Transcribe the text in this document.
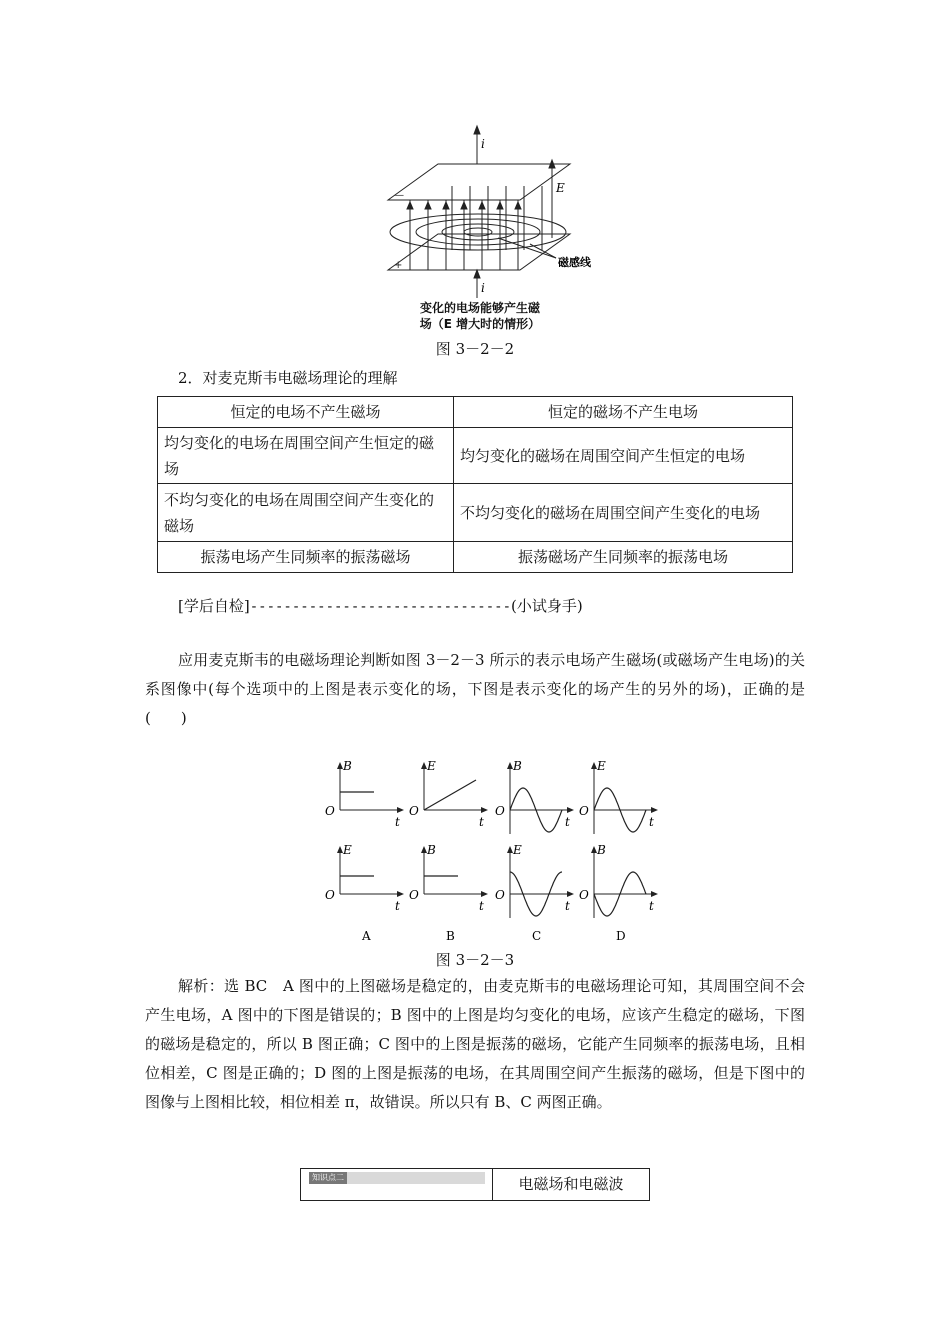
—
+
i
E
磁感线
i
变化的电场能够产生磁
场（E 增大时的情形）
图 3－2－2
2．对麦克斯韦电磁场理论的理解
恒定的电场不产生磁场	恒定的磁场不产生电场
均匀变化的电场在周围空间产生恒定的磁场	均匀变化的磁场在周围空间产生恒定的电场
不均匀变化的电场在周围空间产生变化的磁场	不均匀变化的磁场在周围空间产生变化的电场
振荡电场产生同频率的振荡磁场	振荡磁场产生同频率的振荡电场
[学后自检]-------------------------------(小试身手)
应用麦克斯韦的电磁场理论判断如图 3－2－3 所示的表示电场产生磁场(或磁场产生电场)的关系图像中(每个选项中的上图是表示变化的场，下图是表示变化的场产生的另外的场)，正确的是　　(　　)
B
O
t
E
O
t
A
E
O
t
B
O
t
B
B
O
t
E
O
t
C
E
O
t
B
O
t
D
图 3－2－3
解析：选 BC　A 图中的上图磁场是稳定的，由麦克斯韦的电磁场理论可知，其周围空间不会产生电场，A 图中的下图是错误的；B 图中的上图是均匀变化的电场，应该产生稳定的磁场，下图的磁场是稳定的，所以 B 图正确；C 图中的上图是振荡的磁场，它能产生同频率的振荡电场，且相位相差，C 图是正确的；D 图的上图是振荡的电场，在其周围空间产生振荡的磁场，但是下图中的图像与上图相比较，相位相差 π，故错误。所以只有 B、C 两图正确。
知识点二	电磁场和电磁波
